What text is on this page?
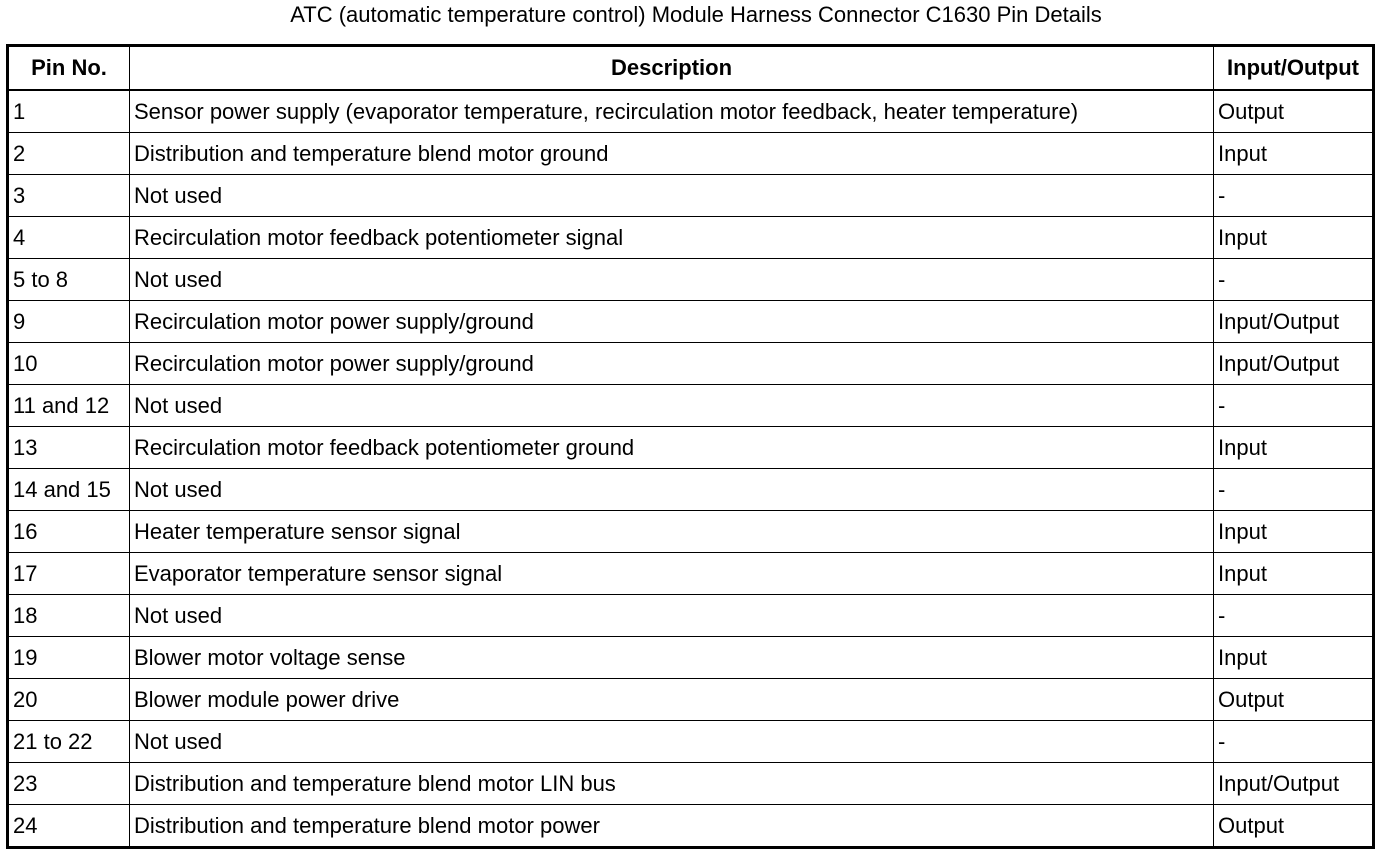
ATC (automatic temperature control) Module Harness Connector C1630 Pin Details
Pin No.	Description	Input/Output
1	Sensor power supply (evaporator temperature, recirculation motor feedback, heater temperature)	Output
2	Distribution and temperature blend motor ground	Input
3	Not used	-
4	Recirculation motor feedback potentiometer signal	Input
5 to 8	Not used	-
9	Recirculation motor power supply/ground	Input/Output
10	Recirculation motor power supply/ground	Input/Output
11 and 12	Not used	-
13	Recirculation motor feedback potentiometer ground	Input
14 and 15	Not used	-
16	Heater temperature sensor signal	Input
17	Evaporator temperature sensor signal	Input
18	Not used	-
19	Blower motor voltage sense	Input
20	Blower module power drive	Output
21 to 22	Not used	-
23	Distribution and temperature blend motor LIN bus	Input/Output
24	Distribution and temperature blend motor power	Output
